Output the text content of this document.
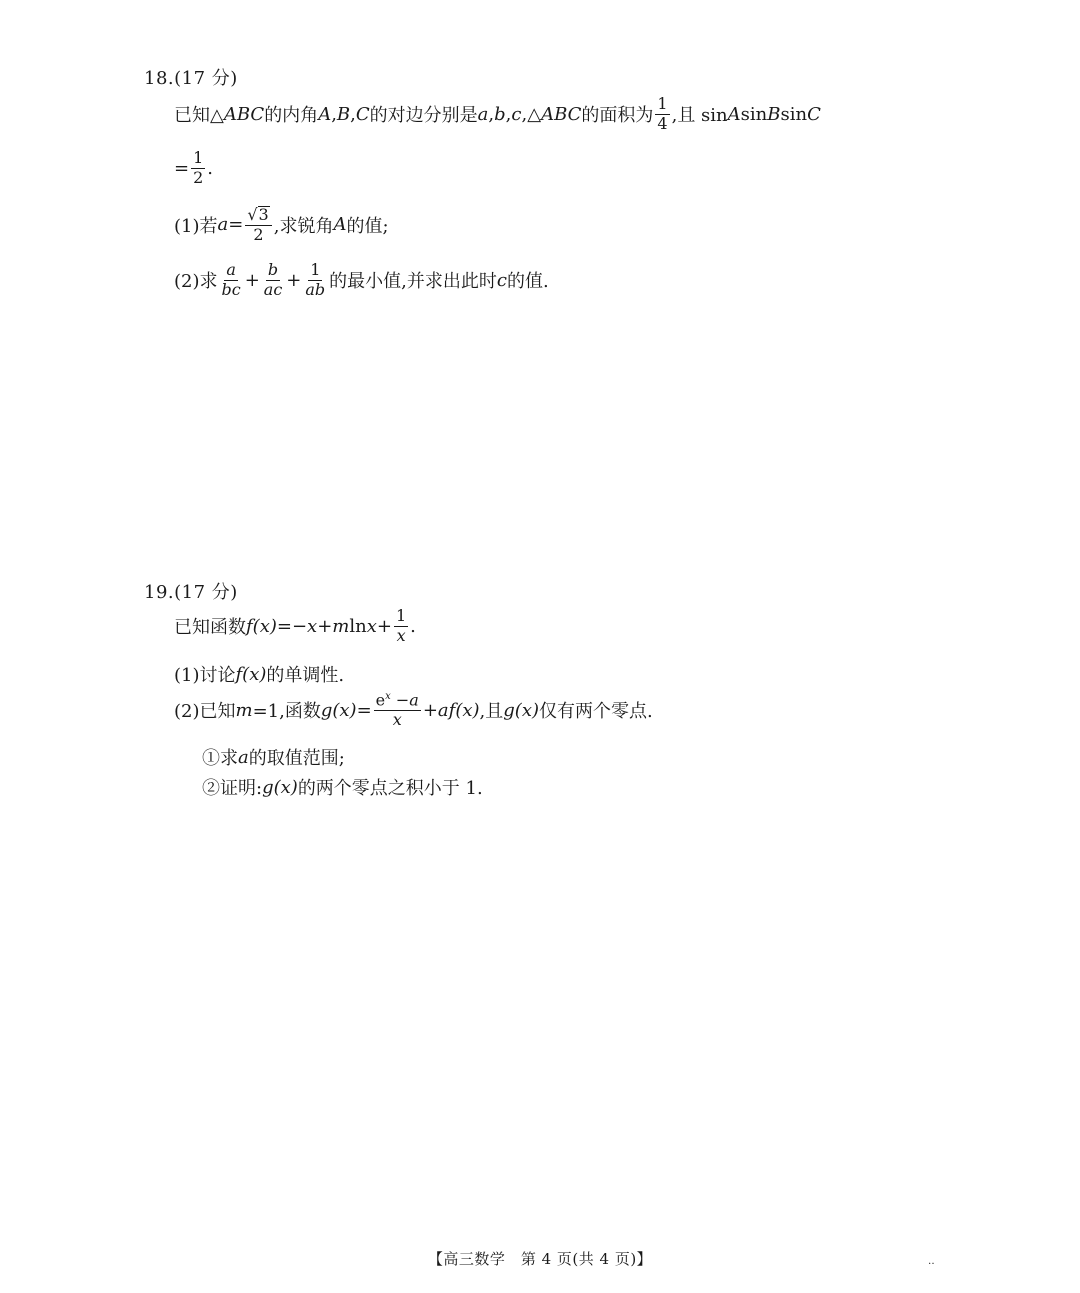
18.(17 分)
已知△ ABC 的内角 A , B , C 的对边分别是 a , b , c ,△ ABC 的面积为 $\frac{1}{4}$ ,且 sin A sin B sin C
= $\frac{1}{2}$ .
(1)若 $a = \frac{√ 3}{2}$ ,求锐角 A 的值;
(2)求 $\frac{a}{bc} + \frac{b}{ac} + \frac{1}{ab}$ 的最小值,并求出此时 c 的值.
19.(17 分)
已知函数 f (x) =− x + m $\ln x + \frac{1}{x}$ .
(1)讨论 f (x) 的单调性.
(2)已知 m =1,函数 g $(x) = \frac{e^x -a}{x} + a$ f (x) ,且 g (x) 仅有两个零点.
①求 a 的取值范围;
②证明: g (x) 的两个零点之积小于 1.
【高三数学　第 4 页(共 4 页)】	‥
